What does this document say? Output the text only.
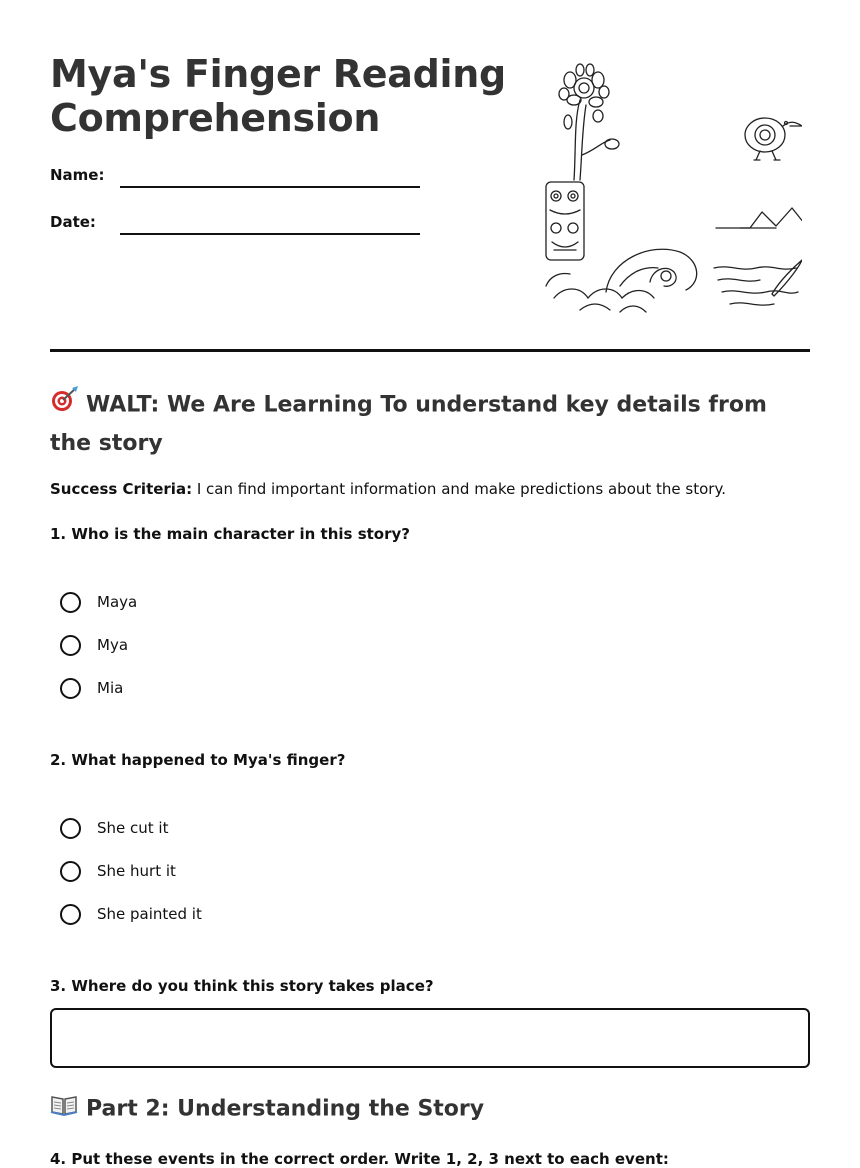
Mya's Finger Reading Comprehension
Name:
Date:
WALT: We Are Learning To understand key details from the story
Success Criteria: I can find important information and make predictions about the story.
1. Who is the main character in this story?
Maya
Mya
Mia
2. What happened to Mya's finger?
She cut it
She hurt it
She painted it
3. Where do you think this story takes place?
Part 2: Understanding the Story
4. Put these events in the correct order. Write 1, 2, 3 next to each event:
